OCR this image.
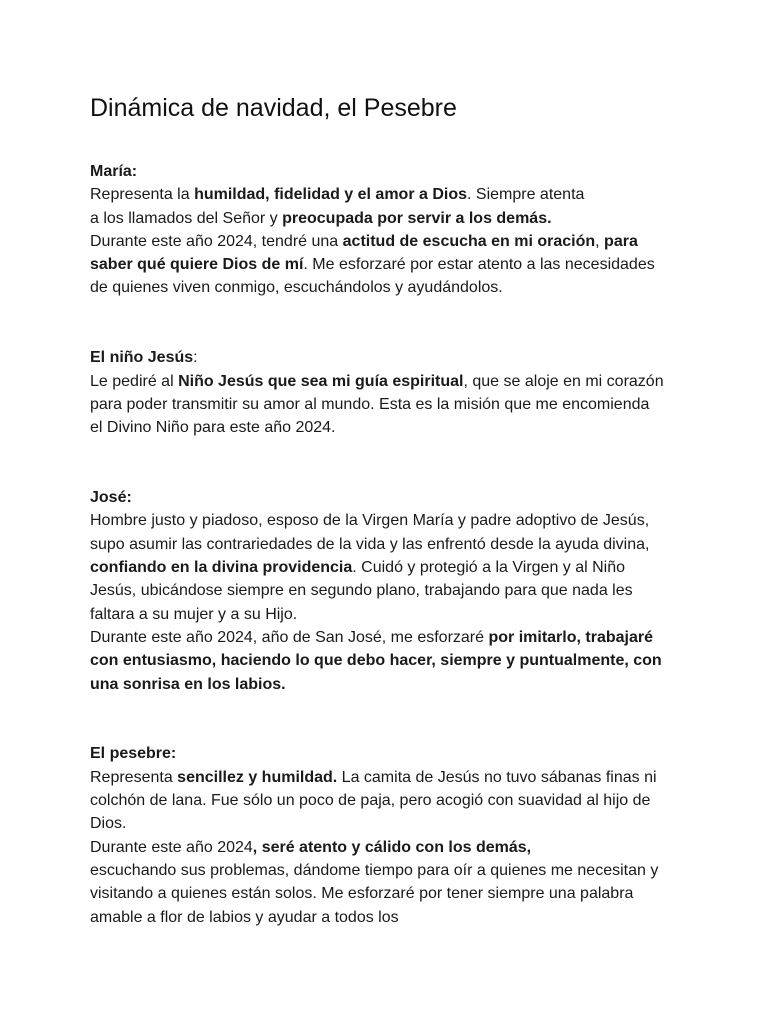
Dinámica de navidad, el Pesebre

María:

Representa la humildad, fidelidad y el amor a Dios. Siempre atenta

a los llamados del Señor y preocupada por servir a los demás.

Durante este año 2024, tendré una actitud de escucha en mi oración, para

saber qué quiere Dios de mí. Me esforzaré por estar atento a las necesidades

de quienes viven conmigo, escuchándolos y ayudándolos.

El niño Jesús:

Le pediré al Niño Jesús que sea mi guía espiritual, que se aloje en mi corazón

para poder transmitir su amor al mundo. Esta es la misión que me encomienda

el Divino Niño para este año 2024.

José:

Hombre justo y piadoso, esposo de la Virgen María y padre adoptivo de Jesús,

supo asumir las contrariedades de la vida y las enfrentó desde la ayuda divina,

confiando en la divina providencia. Cuidó y protegió a la Virgen y al Niño

Jesús, ubicándose siempre en segundo plano, trabajando para que nada les

faltara a su mujer y a su Hijo.

Durante este año 2024, año de San José, me esforzaré por imitarlo, trabajaré

con entusiasmo, haciendo lo que debo hacer, siempre y puntualmente, con

una sonrisa en los labios.

El pesebre:

Representa sencillez y humildad. La camita de Jesús no tuvo sábanas finas ni

colchón de lana. Fue sólo un poco de paja, pero acogió con suavidad al hijo de

Dios.

Durante este año 2024, seré atento y cálido con los demás,

escuchando sus problemas, dándome tiempo para oír a quienes me necesitan y

visitando a quienes están solos. Me esforzaré por tener siempre una palabra

amable a flor de labios y ayudar a todos los
